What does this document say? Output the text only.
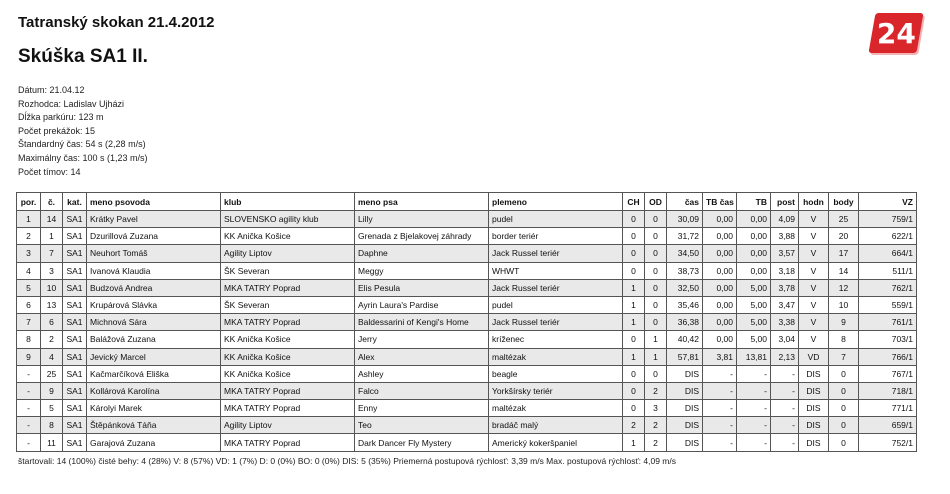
Tatranský skokan 21.4.2012
Skúška SA1 II.
24
Dátum: 21.04.12
Rozhodca: Ladislav Ujházi
Dĺžka parkúru: 123 m
Počet prekážok: 15
Štandardný čas: 54 s (2,28 m/s)
Maximálny čas: 100 s (1,23 m/s)
Počet tímov: 14
por.	č.	kat.	meno psovoda	klub	meno psa	plemeno	CH	OD	čas	TB čas	TB	post	hodn	body	VZ
1	14	SA1	Krátky Pavel	SLOVENSKO agility klub	Lilly	pudel	0	0	30,09	0,00	0,00	4,09	V	25	759/1
2	1	SA1	Dzurillová Zuzana	KK Anička Košice	Grenada z Bjelakovej záhrady	border teriér	0	0	31,72	0,00	0,00	3,88	V	20	622/1
3	7	SA1	Neuhort Tomáš	Agility Liptov	Daphne	Jack Russel teriér	0	0	34,50	0,00	0,00	3,57	V	17	664/1
4	3	SA1	Ivanová Klaudia	ŠK Severan	Meggy	WHWT	0	0	38,73	0,00	0,00	3,18	V	14	511/1
5	10	SA1	Budzová Andrea	MKA TATRY Poprad	Elis Pesula	Jack Russel teriér	1	0	32,50	0,00	5,00	3,78	V	12	762/1
6	13	SA1	Krupárová Slávka	ŠK Severan	Ayrin Laura's Pardise	pudel	1	0	35,46	0,00	5,00	3,47	V	10	559/1
7	6	SA1	Michnová Sára	MKA TATRY Poprad	Baldessarini of Kengi's Home	Jack Russel teriér	1	0	36,38	0,00	5,00	3,38	V	9	761/1
8	2	SA1	Balážová Zuzana	KK Anička Košice	Jerry	kríženec	0	1	40,42	0,00	5,00	3,04	V	8	703/1
9	4	SA1	Jevický Marcel	KK Anička Košice	Alex	maltézak	1	1	57,81	3,81	13,81	2,13	VD	7	766/1
-	25	SA1	Kačmarčíková Eliška	KK Anička Košice	Ashley	beagle	0	0	DIS	-	-	-	DIS	0	767/1
-	9	SA1	Kollárová Karolína	MKA TATRY Poprad	Falco	Yorkšírsky teriér	0	2	DIS	-	-	-	DIS	0	718/1
-	5	SA1	Károlyi Marek	MKA TATRY Poprad	Enny	maltézak	0	3	DIS	-	-	-	DIS	0	771/1
-	8	SA1	Štěpánková Táňa	Agility Liptov	Teo	bradáč malý	2	2	DIS	-	-	-	DIS	0	659/1
-	11	SA1	Garajová Zuzana	MKA TATRY Poprad	Dark Dancer Fly Mystery	Americký kokeršpaniel	1	2	DIS	-	-	-	DIS	0	752/1
štartovali: 14 (100%) čisté behy: 4 (28%) V: 8 (57%) VD: 1 (7%) D: 0 (0%) BO: 0 (0%) DIS: 5 (35%) Priemerná postupová rýchlosť: 3,39 m/s Max. postupová rýchlosť: 4,09 m/s
